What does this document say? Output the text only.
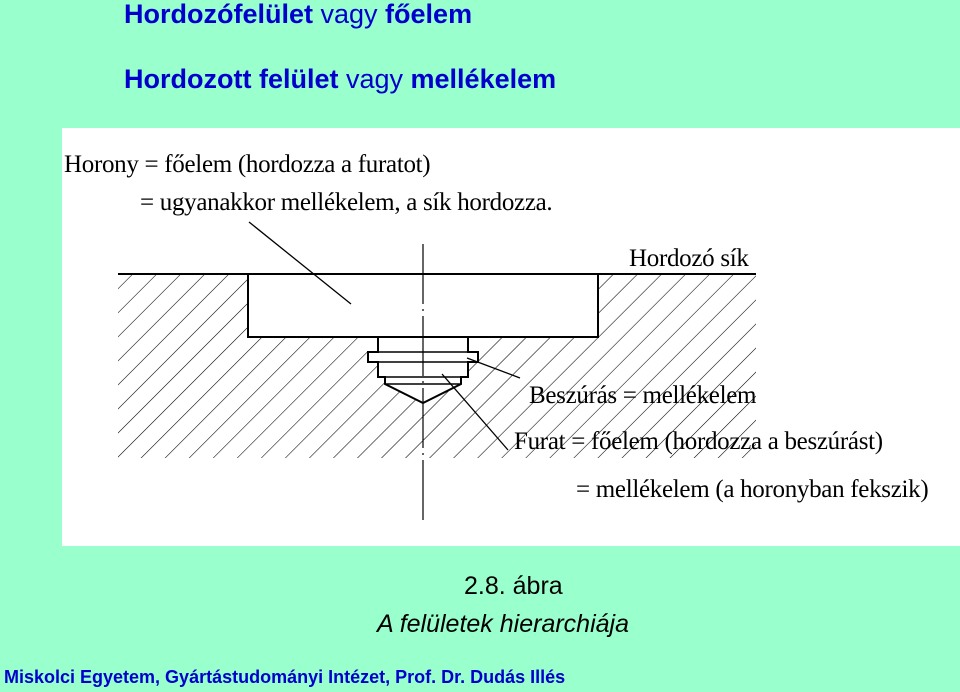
Hordozófelület vagy főelem
Hordozott felület vagy mellékelem
Horony = főelem (hordozza a furatot)
= ugyanakkor mellékelem, a sík hordozza.
Hordozó sík
Beszúrás = mellékelem
Furat = főelem (hordozza a beszúrást)
= mellékelem (a horonyban fekszik)
2.8. ábra
A felületek hierarchiája
Miskolci Egyetem, Gyártástudományi Intézet, Prof. Dr. Dudás Illés
